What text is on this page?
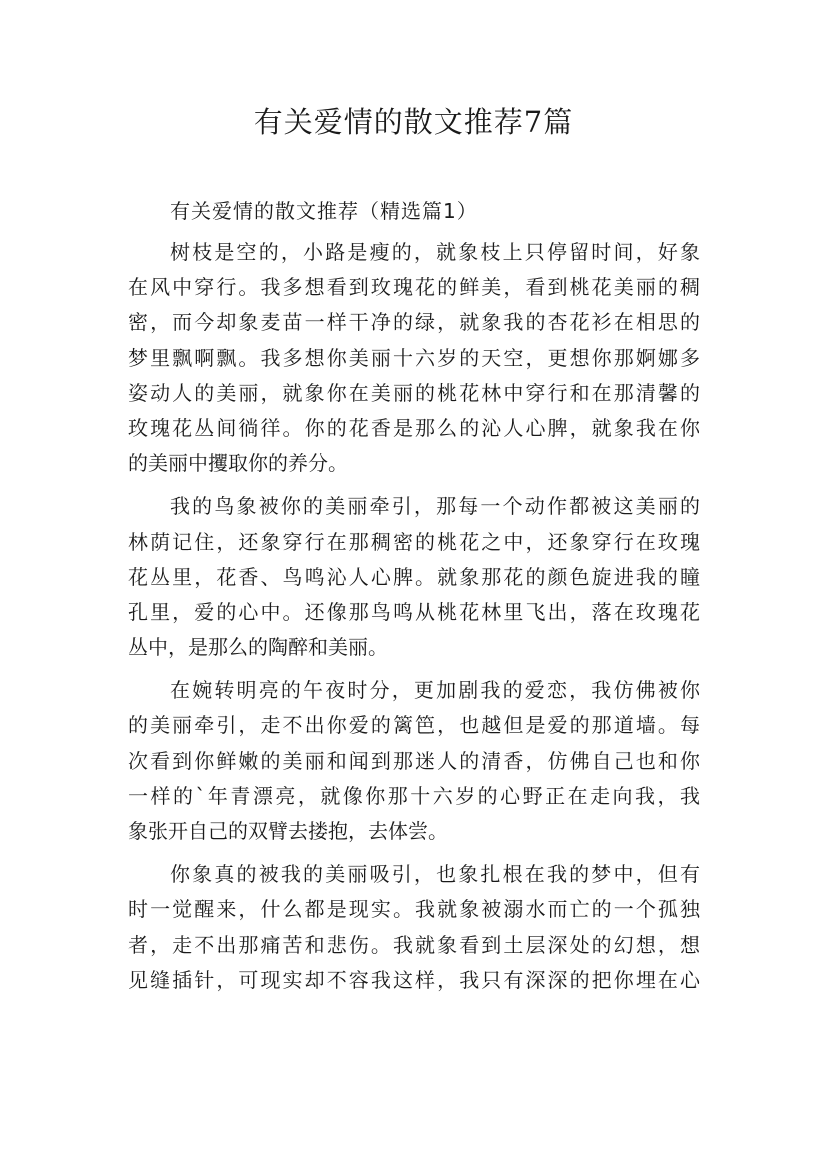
有关爱情的散文推荐7篇

有关爱情的散文推荐（精选篇1）

树枝是空的，小路是瘦的，就象枝上只停留时间，好象
在风中穿行。我多想看到玫瑰花的鲜美，看到桃花美丽的稠
密，而今却象麦苗一样干净的绿，就象我的杏花衫在相思的
梦里飘啊飘。我多想你美丽十六岁的天空，更想你那婀娜多
姿动人的美丽，就象你在美丽的桃花林中穿行和在那清馨的
玫瑰花丛间徜徉。你的花香是那么的沁人心脾，就象我在你
的美丽中攫取你的养分。
我的鸟象被你的美丽牵引，那每一个动作都被这美丽的
林荫记住，还象穿行在那稠密的桃花之中，还象穿行在玫瑰
花丛里，花香、鸟鸣沁人心脾。就象那花的颜色旋进我的瞳
孔里，爱的心中。还像那鸟鸣从桃花林里飞出，落在玫瑰花
丛中，是那么的陶醉和美丽。
在婉转明亮的午夜时分，更加剧我的爱恋，我仿佛被你
的美丽牵引，走不出你爱的篱笆，也越但是爱的那道墙。每
次看到你鲜嫩的美丽和闻到那迷人的清香，仿佛自己也和你
一样的`年青漂亮，就像你那十六岁的心野正在走向我，我
象张开自己的双臂去搂抱，去体尝。
你象真的被我的美丽吸引，也象扎根在我的梦中，但有
时一觉醒来，什么都是现实。我就象被溺水而亡的一个孤独
者，走不出那痛苦和悲伤。我就象看到土层深处的幻想，想
见缝插针，可现实却不容我这样，我只有深深的把你埋在心
